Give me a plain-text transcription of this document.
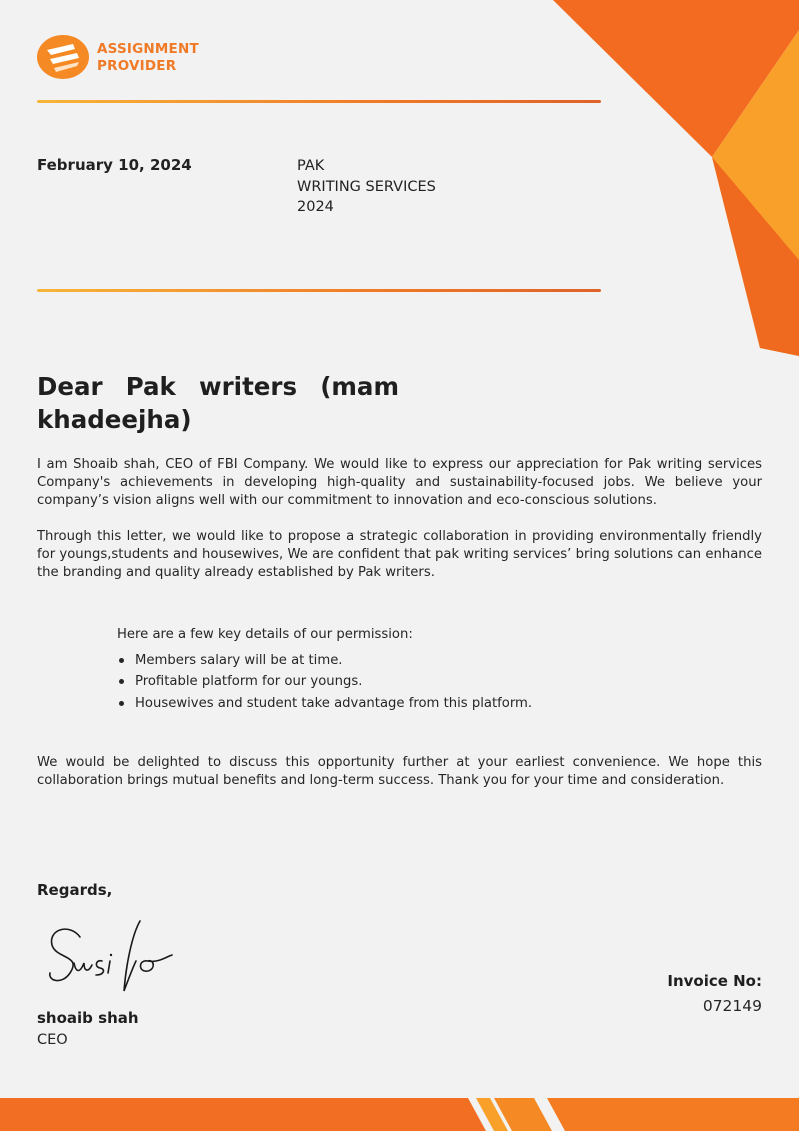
ASSIGNMENT
PROVIDER
February 10, 2024	PAK
WRITING SERVICES
2024
Dear Pak writers (mam khadeejha)

I am Shoaib shah, CEO of FBI Company. We would like to express our appreciation for Pak writing services Company's achievements in developing high-quality and sustainability-focused jobs. We believe your company’s vision aligns well with our commitment to innovation and eco-conscious solutions.

Through this letter, we would like to propose a strategic collaboration in providing environmentally friendly for youngs,students and housewives, We are confident that pak writing services’ bring solutions can enhance the branding and quality already established by Pak writers.

Here are a few key details of our permission:
Members salary will be at time.
Profitable platform for our youngs.
Housewives and student take advantage from this platform.

We would be delighted to discuss this opportunity further at your earliest convenience. We hope this collaboration brings mutual benefits and long-term success. Thank you for your time and consideration.

Regards,
shoaib shah
CEO
Invoice No:
072149
